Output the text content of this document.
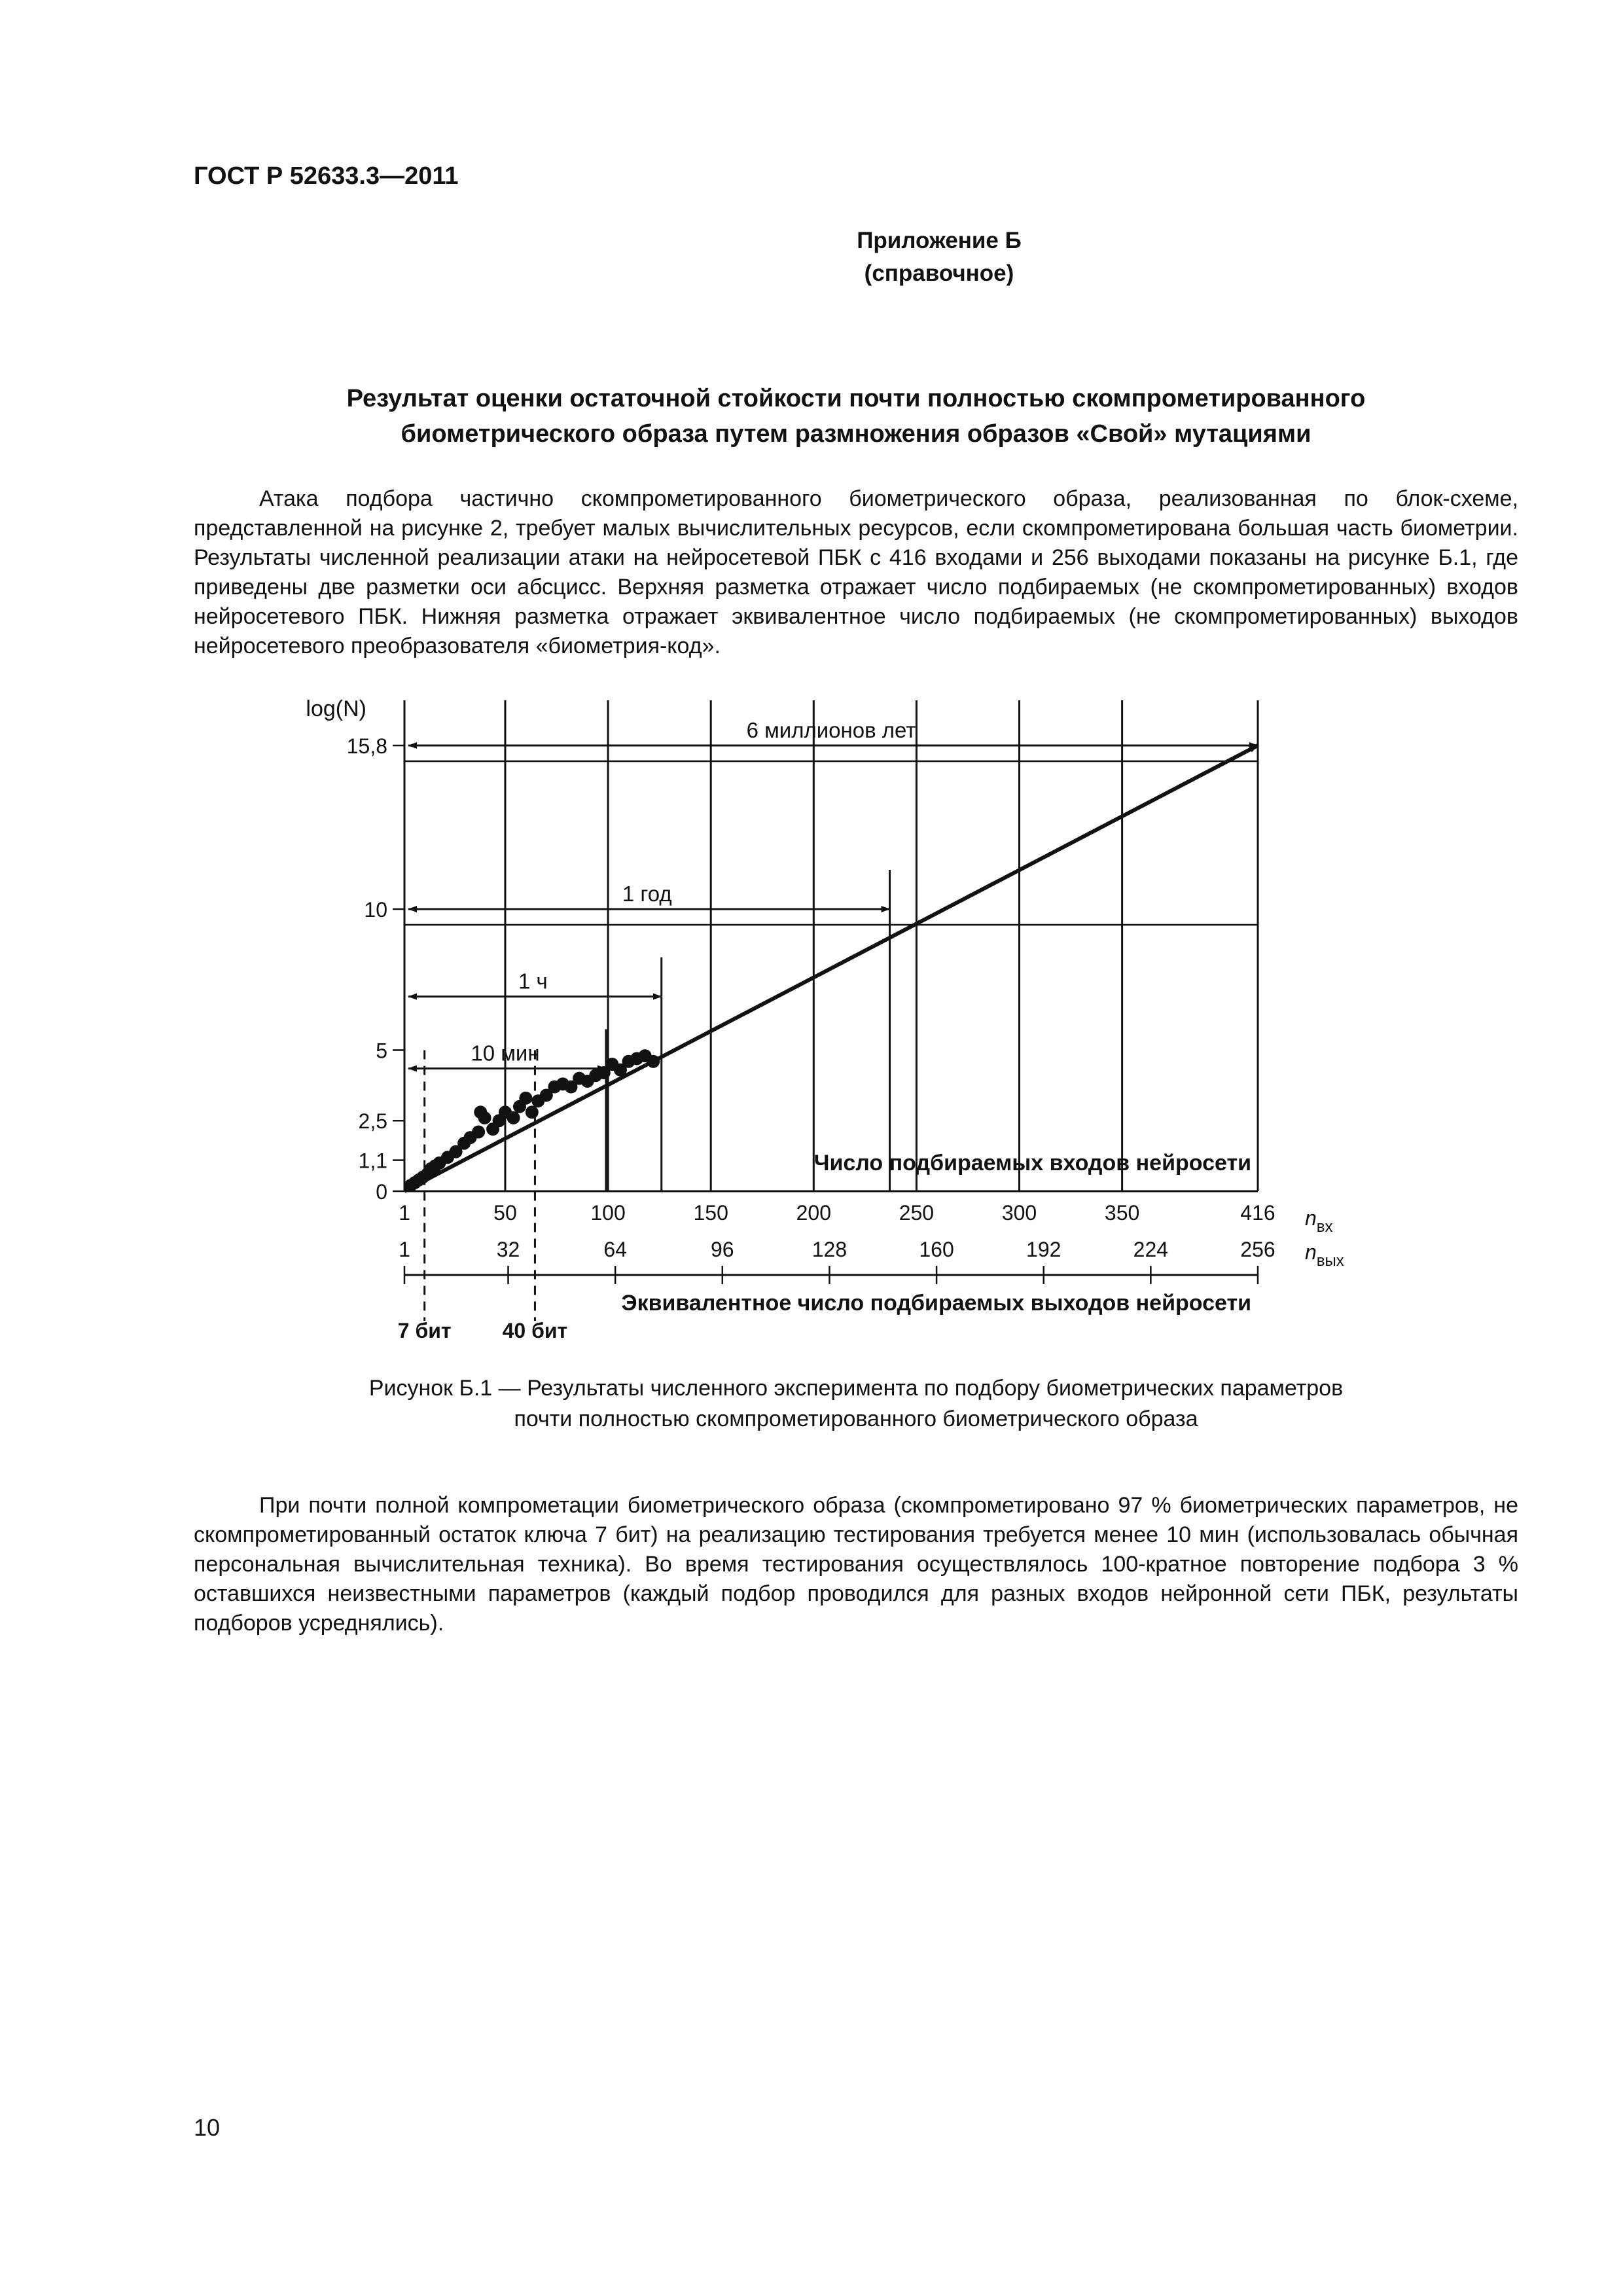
ГОСТ Р 52633.3—2011
Приложение Б
(справочное)
Результат оценки остаточной стойкости почти полностью скомпрометированного
биометрического образа путем размножения образов «Свой» мутациями
Атака подбора частично скомпрометированного биометрического образа, реализованная по блок-схеме, представленной на рисунке 2, требует малых вычислительных ресурсов, если скомпрометирована большая часть биометрии. Результаты численной реализации атаки на нейросетевой ПБК с 416 входами и 256 выходами показаны на рисунке Б.1, где приведены две разметки оси абсцисс. Верхняя разметка отражает число подбираемых (не скомпрометированных) входов нейросетевого ПБК. Нижняя разметка отражает эквивалентное число подбираемых (не скомпрометированных) выходов нейросетевого преобразователя «биометрия-код».
7 бит 40 бит
6 миллионов лет
1 год
1 ч
10 мин
0
1,1
2,5
5
10
15,8
1	50	100	150	200	250	300	350	416 $n_{вх}$
1	32	64	96	128	160	192	224	256 $n_{вых}$
log(N)
Число подбираемых входов нейросети
Эквивалентное число подбираемых выходов нейросети
Рисунок Б.1 — Результаты численного эксперимента по подбору биометрических параметров
почти полностью скомпрометированного биометрического образа
При почти полной компрометации биометрического образа (скомпрометировано 97 % биометрических параметров, не скомпрометированный остаток ключа 7 бит) на реализацию тестирования требуется менее 10 мин (использовалась обычная персональная вычислительная техника). Во время тестирования осуществлялось 100-кратное повторение подбора 3 % оставшихся неизвестными параметров (каждый подбор проводился для разных входов нейронной сети ПБК, результаты подборов усреднялись).
10
